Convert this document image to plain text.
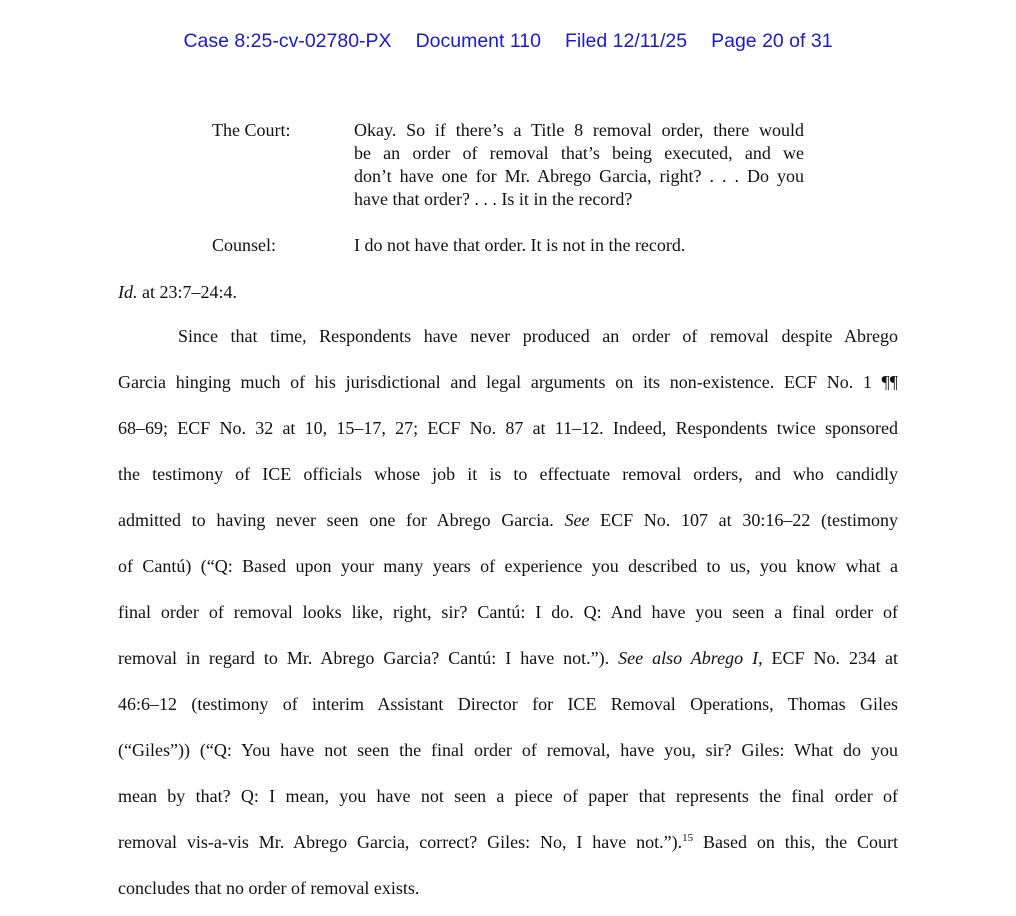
Case 8:25-cv-02780-PX Document 110 Filed 12/11/25 Page 20 of 31
The Court:	Okay. So if there’s a Title 8 removal order, there would
be an order of removal that’s being executed, and we
don’t have one for Mr. Abrego Garcia, right? . . . Do you
have that order? . . . Is it in the record?
Counsel:	I do not have that order. It is not in the record.
Id. at 23:7–24:4.
Since that time, Respondents have never produced an order of removal despite Abrego
Garcia hinging much of his jurisdictional and legal arguments on its non-existence. ECF No. 1 ¶¶
68–69; ECF No. 32 at 10, 15–17, 27; ECF No. 87 at 11–12. Indeed, Respondents twice sponsored
the testimony of ICE officials whose job it is to effectuate removal orders, and who candidly
admitted to having never seen one for Abrego Garcia. See ECF No. 107 at 30:16–22 (testimony
of Cantú) (“Q: Based upon your many years of experience you described to us, you know what a
final order of removal looks like, right, sir? Cantú: I do. Q: And have you seen a final order of
removal in regard to Mr. Abrego Garcia? Cantú: I have not.”). See also Abrego I, ECF No. 234 at
46:6–12 (testimony of interim Assistant Director for ICE Removal Operations, Thomas Giles
(“Giles”)) (“Q: You have not seen the final order of removal, have you, sir? Giles: What do you
mean by that? Q: I mean, you have not seen a piece of paper that represents the final order of
removal vis-a-vis Mr. Abrego Garcia, correct? Giles: No, I have not.”).$^{15}$ Based on this, the Court
concludes that no order of removal exists.
